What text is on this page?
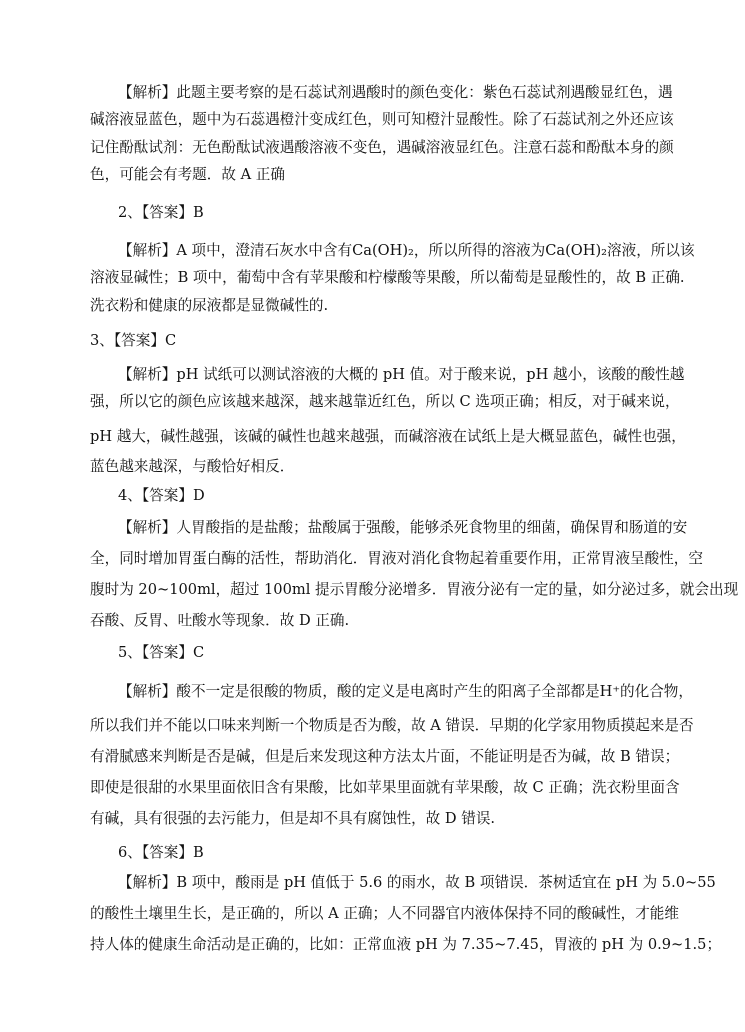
【解析】此题主要考察的是石蕊试剂遇酸时的颜色变化：紫色石蕊试剂遇酸显红色，遇
碱溶液显蓝色，题中为石蕊遇橙汁变成红色，则可知橙汁显酸性。除了石蕊试剂之外还应该
记住酚酞试剂：无色酚酞试液遇酸溶液不变色，遇碱溶液显红色。注意石蕊和酚酞本身的颜
色，可能会有考题．故 A 正确
2、【答案】B
【解析】A 项中，澄清石灰水中含有Ca(OH)₂，所以所得的溶液为Ca(OH)₂溶液，所以该
溶液显碱性；B 项中，葡萄中含有苹果酸和柠檬酸等果酸，所以葡萄是显酸性的，故 B 正确.
洗衣粉和健康的尿液都是显微碱性的.
3、【答案】C
【解析】pH 试纸可以测试溶液的大概的 pH 值。对于酸来说，pH 越小，该酸的酸性越
强，所以它的颜色应该越来越深，越来越靠近红色，所以 C 选项正确；相反，对于碱来说，
pH 越大，碱性越强，该碱的碱性也越来越强，而碱溶液在试纸上是大概显蓝色，碱性也强，
蓝色越来越深，与酸恰好相反．
4、【答案】D
【解析】人胃酸指的是盐酸；盐酸属于强酸，能够杀死食物里的细菌，确保胃和肠道的安
全，同时增加胃蛋白酶的活性，帮助消化．胃液对消化食物起着重要作用，正常胃液呈酸性，空
腹时为 20~100ml，超过 100ml 提示胃酸分泌增多．胃液分泌有一定的量，如分泌过多，就会出现
吞酸、反胃、吐酸水等现象．故 D 正确.
5、【答案】C
【解析】酸不一定是很酸的物质，酸的定义是电离时产生的阳离子全部都是H⁺的化合物，
所以我们并不能以口味来判断一个物质是否为酸，故 A 错误．早期的化学家用物质摸起来是否
有滑腻感来判断是否是碱，但是后来发现这种方法太片面，不能证明是否为碱，故 B 错误；
即使是很甜的水果里面依旧含有果酸，比如苹果里面就有苹果酸，故 C 正确；洗衣粉里面含
有碱，具有很强的去污能力，但是却不具有腐蚀性，故 D 错误.
6、【答案】B
【解析】B 项中，酸雨是 pH 值低于 5.6 的雨水，故 B 项错误．茶树适宜在 pH 为 5.0~55
的酸性土壤里生长，是正确的，所以 A 正确；人不同器官内液体保持不同的酸碱性，才能维
持人体的健康生命活动是正确的，比如：正常血液 pH 为 7.35~7.45，胃液的 pH 为 0.9~1.5；
